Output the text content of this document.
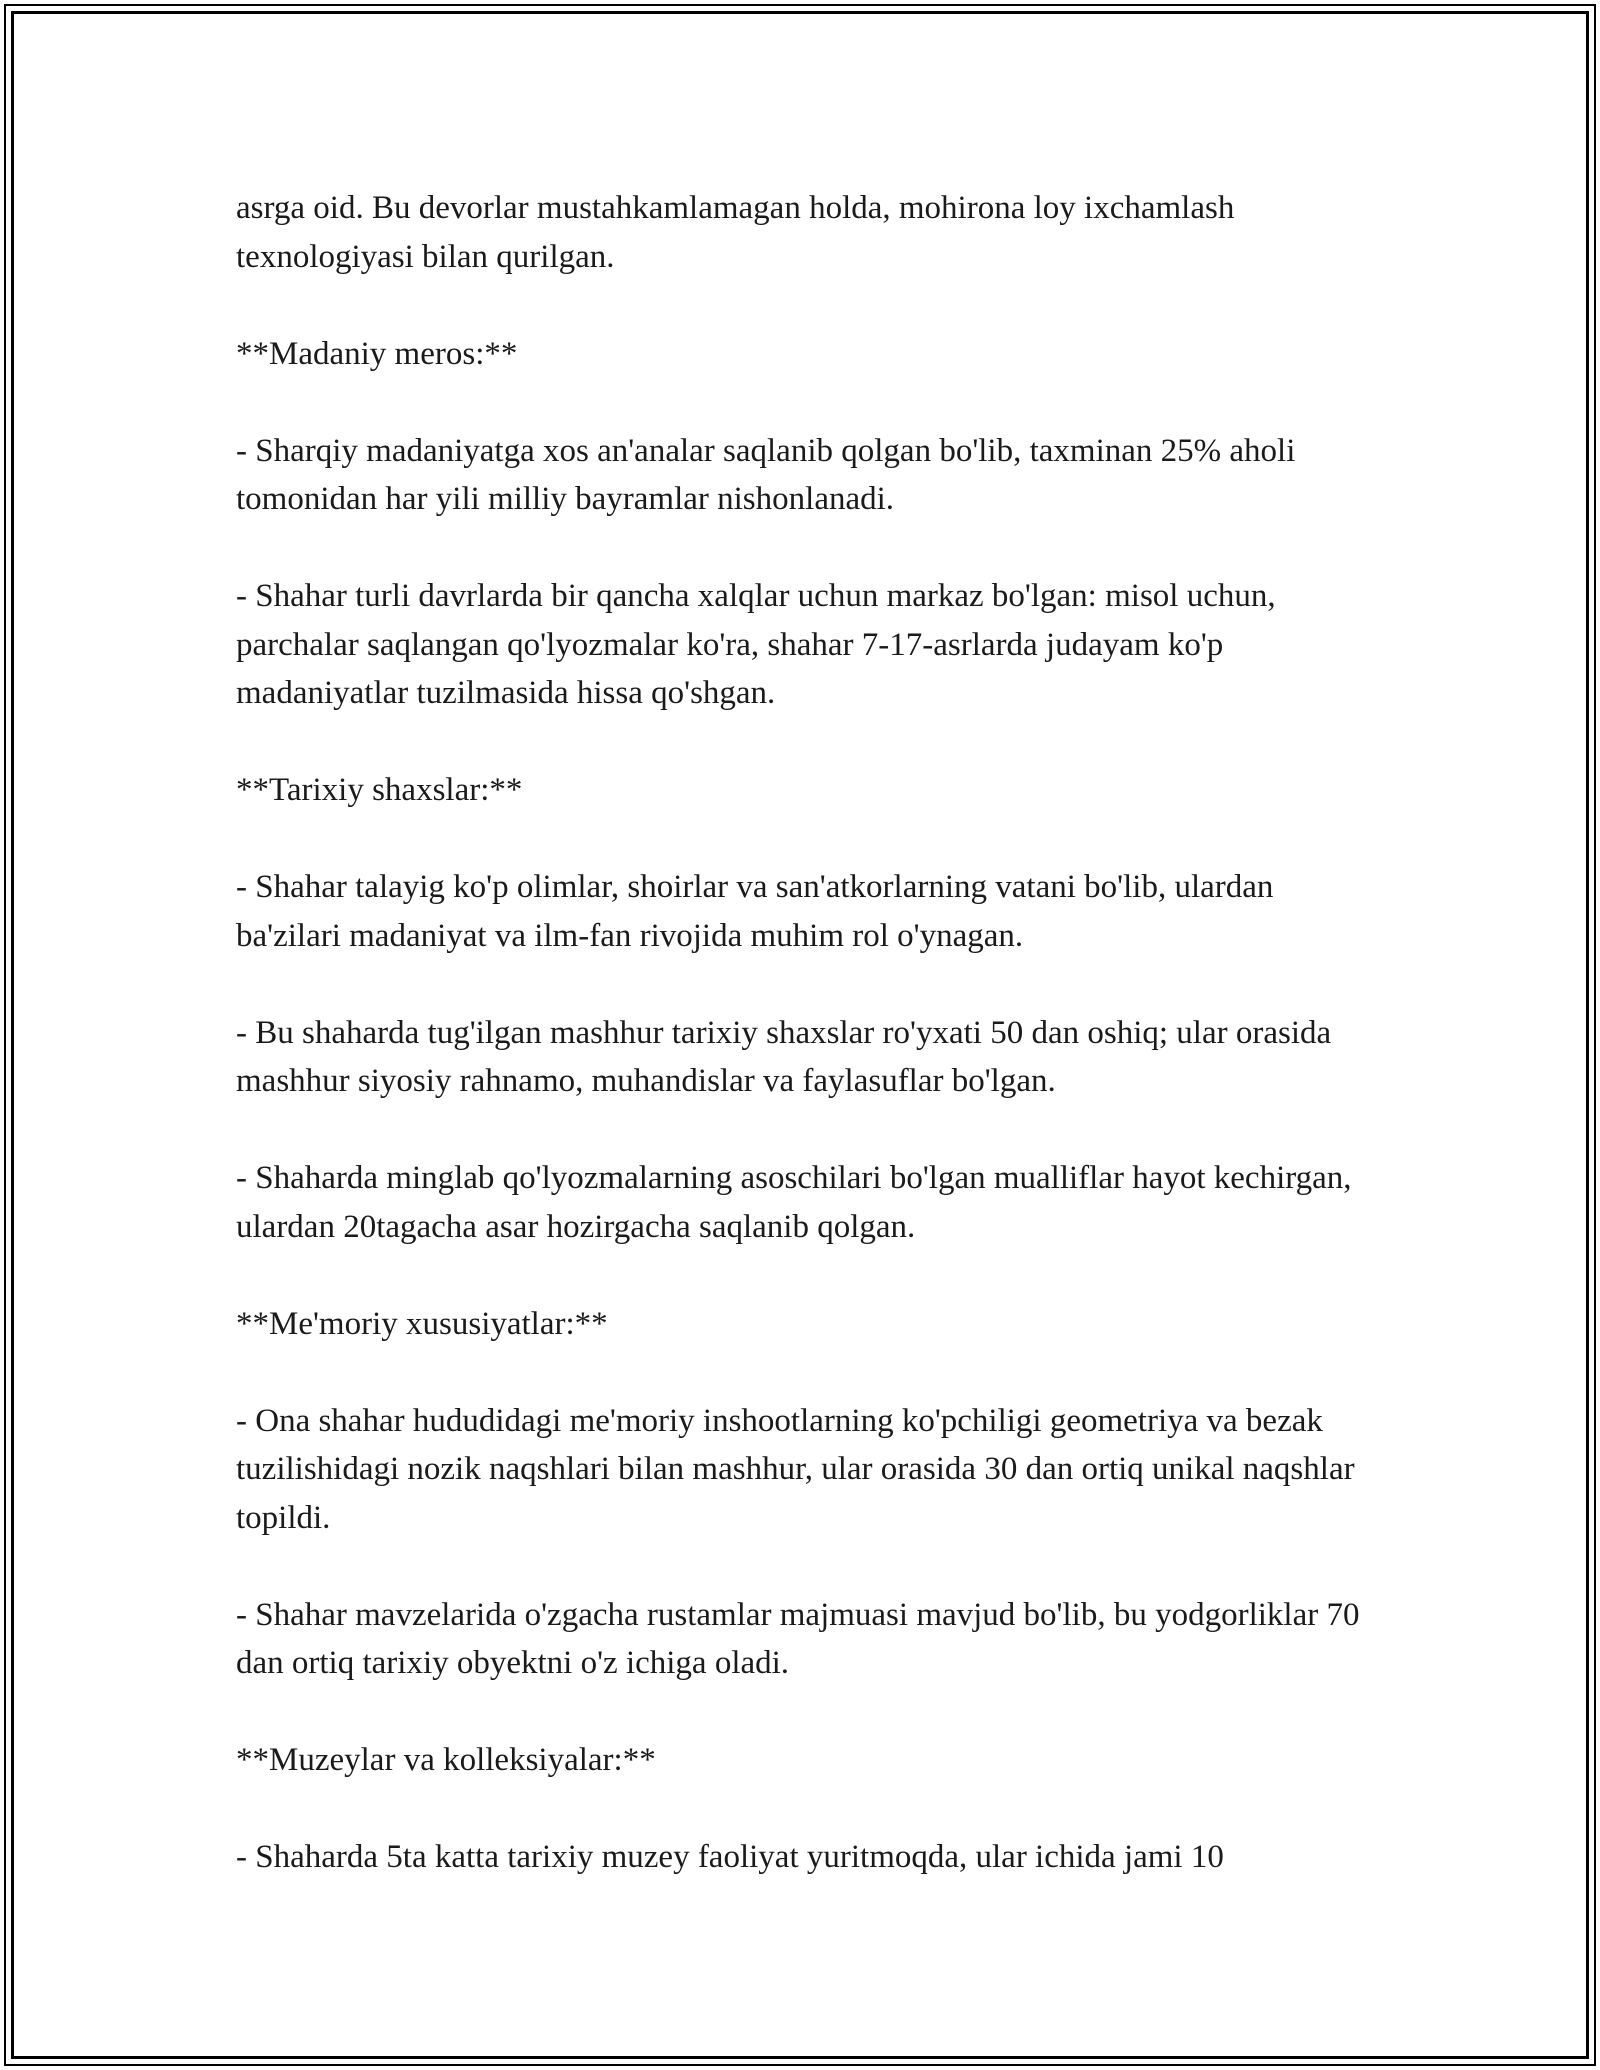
asrga oid. Bu devorlar mustahkamlamagan holda, mohirona loy ixchamlash texnologiyasi bilan qurilgan.

**Madaniy meros:**

- Sharqiy madaniyatga xos an'analar saqlanib qolgan bo'lib, taxminan 25% aholi tomonidan har yili milliy bayramlar nishonlanadi.

- Shahar turli davrlarda bir qancha xalqlar uchun markaz bo'lgan: misol uchun, parchalar saqlangan qo'lyozmalar ko'ra, shahar 7-17-asrlarda judayam ko'p madaniyatlar tuzilmasida hissa qo'shgan.

**Tarixiy shaxslar:**

- Shahar talayig ko'p olimlar, shoirlar va san'atkorlarning vatani bo'lib, ulardan ba'zilari madaniyat va ilm-fan rivojida muhim rol o'ynagan.

- Bu shaharda tug'ilgan mashhur tarixiy shaxslar ro'yxati 50 dan oshiq; ular orasida mashhur siyosiy rahnamo, muhandislar va faylasuflar bo'lgan.

- Shaharda minglab qo'lyozmalarning asoschilari bo'lgan mualliflar hayot kechirgan, ulardan 20tagacha asar hozirgacha saqlanib qolgan.

**Me'moriy xususiyatlar:**

- Ona shahar hududidagi me'moriy inshootlarning ko'pchiligi geometriya va bezak tuzilishidagi nozik naqshlari bilan mashhur, ular orasida 30 dan ortiq unikal naqshlar topildi.

- Shahar mavzelarida o'zgacha rustamlar majmuasi mavjud bo'lib, bu yodgorliklar 70 dan ortiq tarixiy obyektni o'z ichiga oladi.

**Muzeylar va kolleksiyalar:**

- Shaharda 5ta katta tarixiy muzey faoliyat yuritmoqda, ular ichida jami 10
